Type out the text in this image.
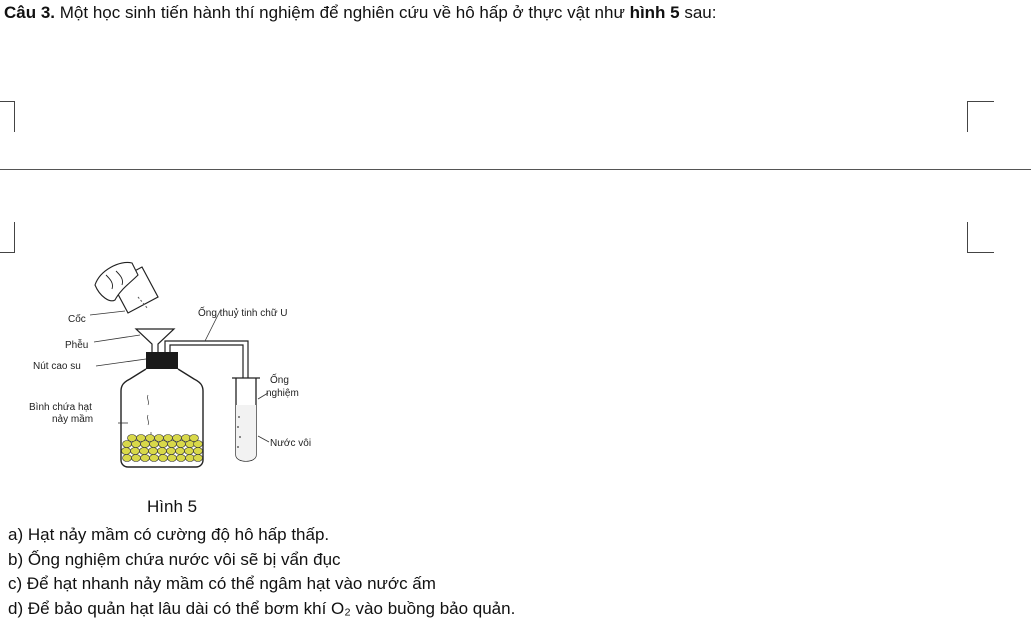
Câu 3. Một học sinh tiến hành thí nghiệm để nghiên cứu về hô hấp ở thực vật như hình 5 sau:
Cốc
Phễu
Nút cao su
Bình chứa hạt
nảy mầm
Ống thuỷ tinh chữ U
Ống
nghiệm
Nước vôi
Hình 5
a) Hạt nảy mầm có cường độ hô hấp thấp.
b) Ống nghiệm chứa nước vôi sẽ bị vẩn đục
c) Để hạt nhanh nảy mầm có thể ngâm hạt vào nước ấm
d) Để bảo quản hạt lâu dài có thể bơm khí O₂ vào buồng bảo quản.
